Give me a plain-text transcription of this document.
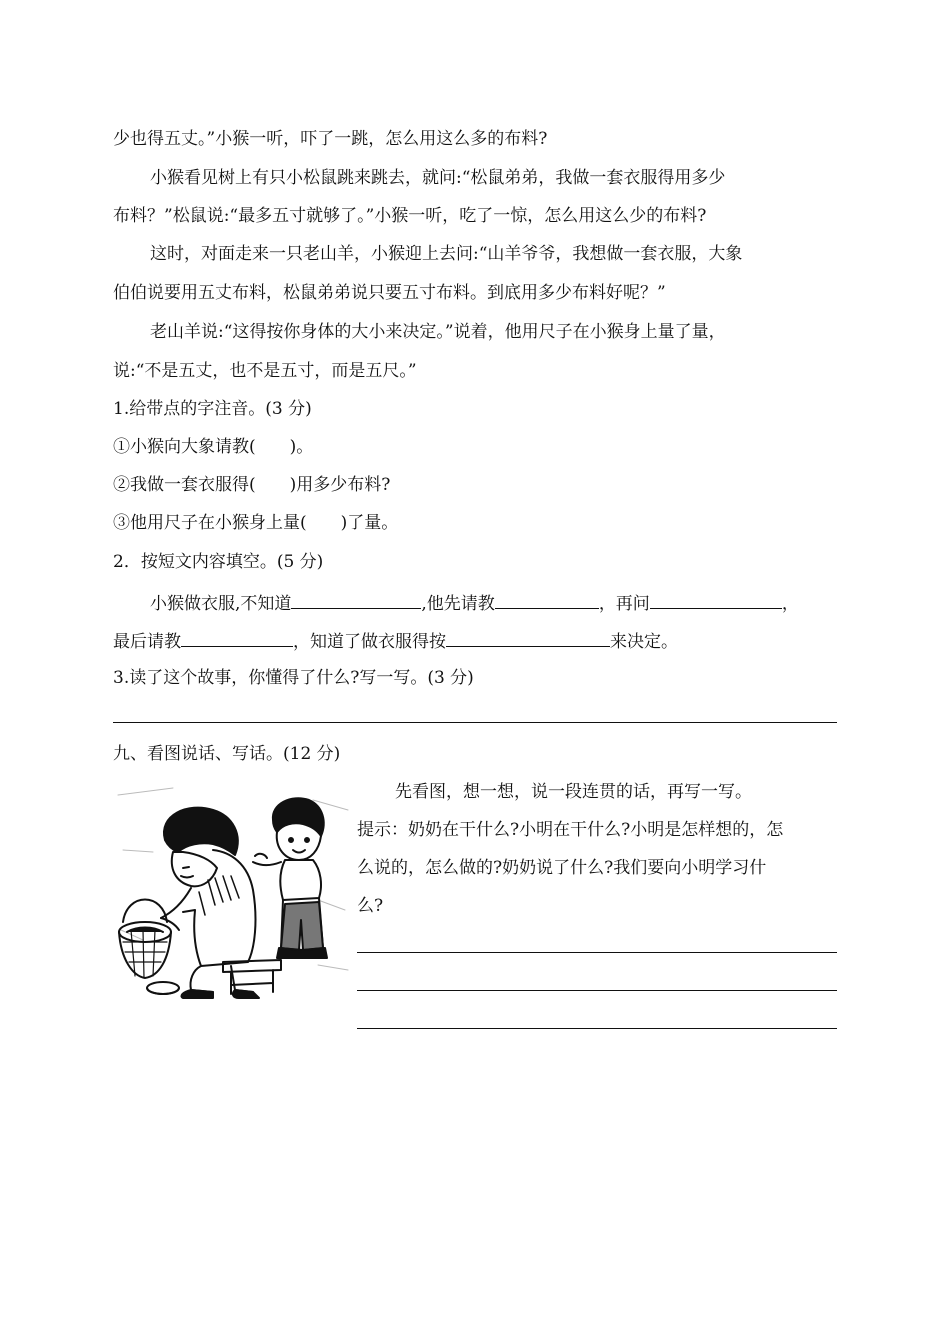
少也得五丈。”小猴一听，吓了一跳，怎么用这么多的布料?
小猴看见树上有只小松鼠跳来跳去，就问:“松鼠弟弟，我做一套衣服得用多少
布料？”松鼠说:“最多五寸就够了。”小猴一听，吃了一惊，怎么用这么少的布料?
这时，对面走来一只老山羊，小猴迎上去问:“山羊爷爷，我想做一套衣服，大象
伯伯说要用五丈布料，松鼠弟弟说只要五寸布料。到底用多少布料好呢？”
老山羊说:“这得按你身体的大小来决定。”说着，他用尺子在小猴身上量了量，
说:“不是五丈，也不是五寸，而是五尺。”
1.给带点的字注音。(3 分)
①小猴向大象请教( )。
②我做一套衣服得( )用多少布料?
③他用尺子在小猴身上量( )了量。
2．按短文内容填空。(5 分)
小猴做衣服,不知道	,他先请教	，再问	，
最后请教	，知道了做衣服得按	来决定。
3.读了这个故事，你懂得了什么?写一写。(3 分)
九、看图说话、写话。(12 分)
先看图，想一想，说一段连贯的话，再写一写。
提示：奶奶在干什么?小明在干什么?小明是怎样想的，怎
么说的，怎么做的?奶奶说了什么?我们要向小明学习什
么?
